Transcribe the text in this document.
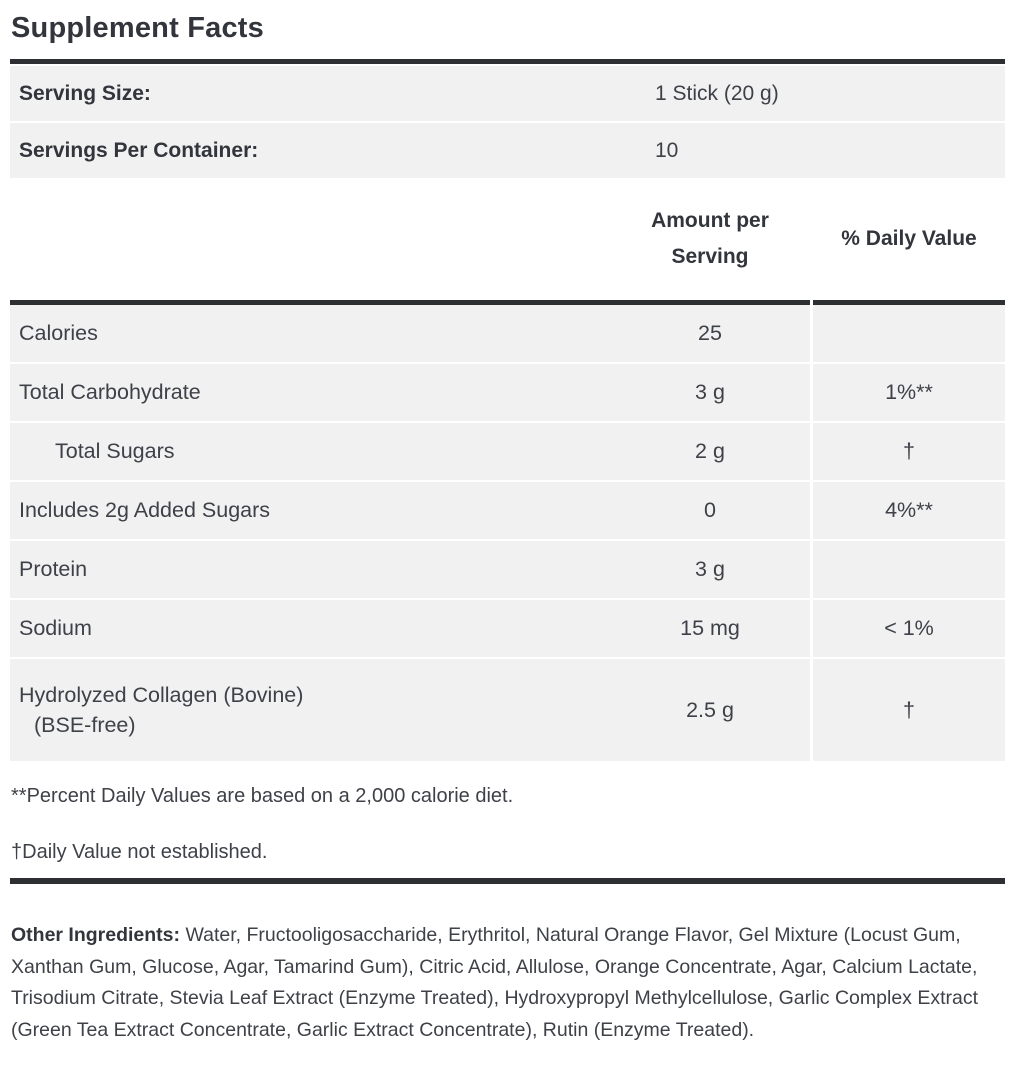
Supplement Facts
Serving Size:	1 Stick (20 g)
Servings Per Container:	10
Amount per Serving
% Daily Value
Calories	25
Total Carbohydrate	3 g	1%**
Total Sugars	2 g	†
Includes 2g Added Sugars	0	4%**
Protein	3 g
Sodium	15 mg	< 1%
Hydrolyzed Collagen (Bovine)
(BSE-free)
2.5 g	†

**Percent Daily Values are based on a 2,000 calorie diet.

†Daily Value not established.

Other Ingredients: Water, Fructooligosaccharide, Erythritol, Natural Orange Flavor, Gel Mixture (Locust Gum, Xanthan Gum, Glucose, Agar, Tamarind Gum), Citric Acid, Allulose, Orange Concentrate, Agar, Calcium Lactate, Trisodium Citrate, Stevia Leaf Extract (Enzyme Treated), Hydroxypropyl Methylcellulose, Garlic Complex Extract (Green Tea Extract Concentrate, Garlic Extract Concentrate), Rutin (Enzyme Treated).
